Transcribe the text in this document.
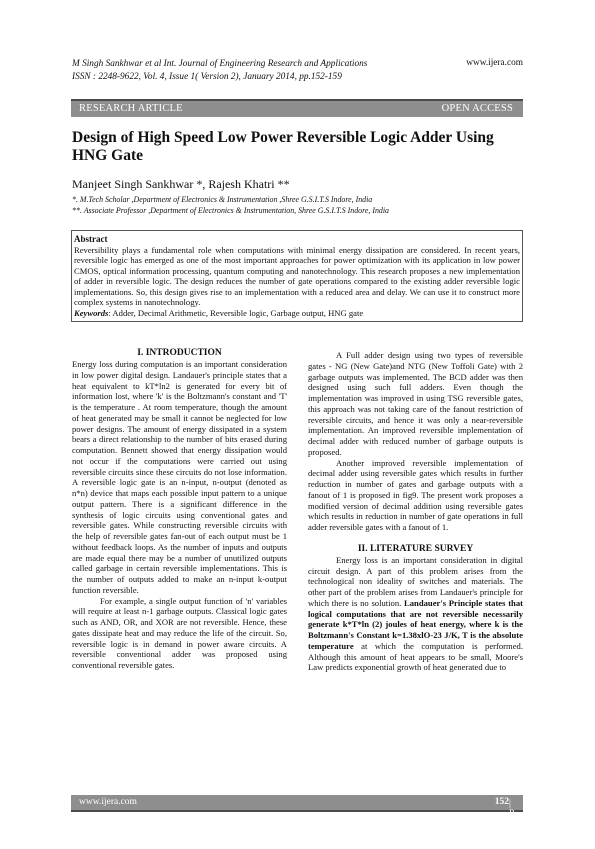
M Singh Sankhwar et al Int. Journal of Engineering Research and Applications
ISSN : 2248-9622, Vol. 4, Issue 1( Version 2), January 2014, pp.152-159
www.ijera.com
RESEARCH ARTICLE	OPEN ACCESS
Design of High Speed Low Power Reversible Logic Adder Using HNG Gate
Manjeet Singh Sankhwar *, Rajesh Khatri **
*. M.Tech Scholar ,Department of Electronics & Instrumentation ,Shree G.S.I.T.S Indore, India
**. Associate Professor ,Department of Electronics & Instrumentation, Shree G.S.I.T.S Indore, India
Abstract
Reversibility plays a fundamental role when computations with minimal energy dissipation are considered. In recent years, reversible logic has emerged as one of the most important approaches for power optimization with its application in low power CMOS, optical information processing, quantum computing and nanotechnology. This research proposes a new implementation of adder in reversible logic. The design reduces the number of gate operations compared to the existing adder reversible logic implementations. So, this design gives rise to an implementation with a reduced area and delay. We can use it to construct more complex systems in nanotechnology.
Keywords: Adder, Decimal Arithmetic, Reversible logic, Garbage output, HNG gate

I. INTRODUCTION

Energy loss during computation is an important consideration in low power digital design. Landauer's principle states that a heat equivalent to kT*ln2 is generated for every bit of information lost, where 'k' is the Boltzmann's constant and 'T' is the temperature . At room temperature, though the amount of heat generated may be small it cannot be neglected for low power designs. The amount of energy dissipated in a system bears a direct relationship to the number of bits erased during computation. Bennett showed that energy dissipation would not occur if the computations were carried out using reversible circuits since these circuits do not lose information. A reversible logic gate is an n-input, n-output (denoted as n*n) device that maps each possible input pattern to a unique output pattern. There is a significant difference in the synthesis of logic circuits using conventional gates and reversible gates. While constructing reversible circuits with the help of reversible gates fan-out of each output must be 1 without feedback loops. As the number of inputs and outputs are made equal there may be a number of unutilized outputs called garbage in certain reversible implementations. This is the number of outputs added to make an n-input k-output function reversible.

For example, a single output function of 'n' variables will require at least n-1 garbage outputs. Classical logic gates such as AND, OR, and XOR are not reversible. Hence, these gates dissipate heat and may reduce the life of the circuit. So, reversible logic is in demand in power aware circuits. A reversible conventional adder was proposed using conventional reversible gates.

A Full adder design using two types of reversible gates - NG (New Gate)and NTG (New Toffoli Gate) with 2 garbage outputs was implemented. The BCD adder was then designed using such full adders. Even though the implementation was improved in using TSG reversible gates, this approach was not taking care of the fanout restriction of reversible circuits, and hence it was only a near-reversible implementation. An improved reversible implementation of decimal adder with reduced number of garbage outputs is proposed.

Another improved reversible implementation of decimal adder using reversible gates which results in further reduction in number of gates and garbage outputs with a fanout of 1 is proposed in fig9. The present work proposes a modified version of decimal addition using reversible gates which results in reduction in number of gate operations in full adder reversible gates with a fanout of 1.

II. LITERATURE SURVEY

Energy loss is an important consideration in digital circuit design. A part of this problem arises from the technological non ideality of switches and materials. The other part of the problem arises from Landauer's principle for which there is no solution. Landauer's Principle states that logical computations that are not reversible necessarily generate k*T*ln (2) joules of heat energy, where k is the Boltzmann's Constant k=1.38xlO-23 J/K, T is the absolute temperature at which the computation is performed. Although this amount of heat appears to be small, Moore's Law predicts exponential growth of heat generated due to

www.ijera.com	152 | P a g e
